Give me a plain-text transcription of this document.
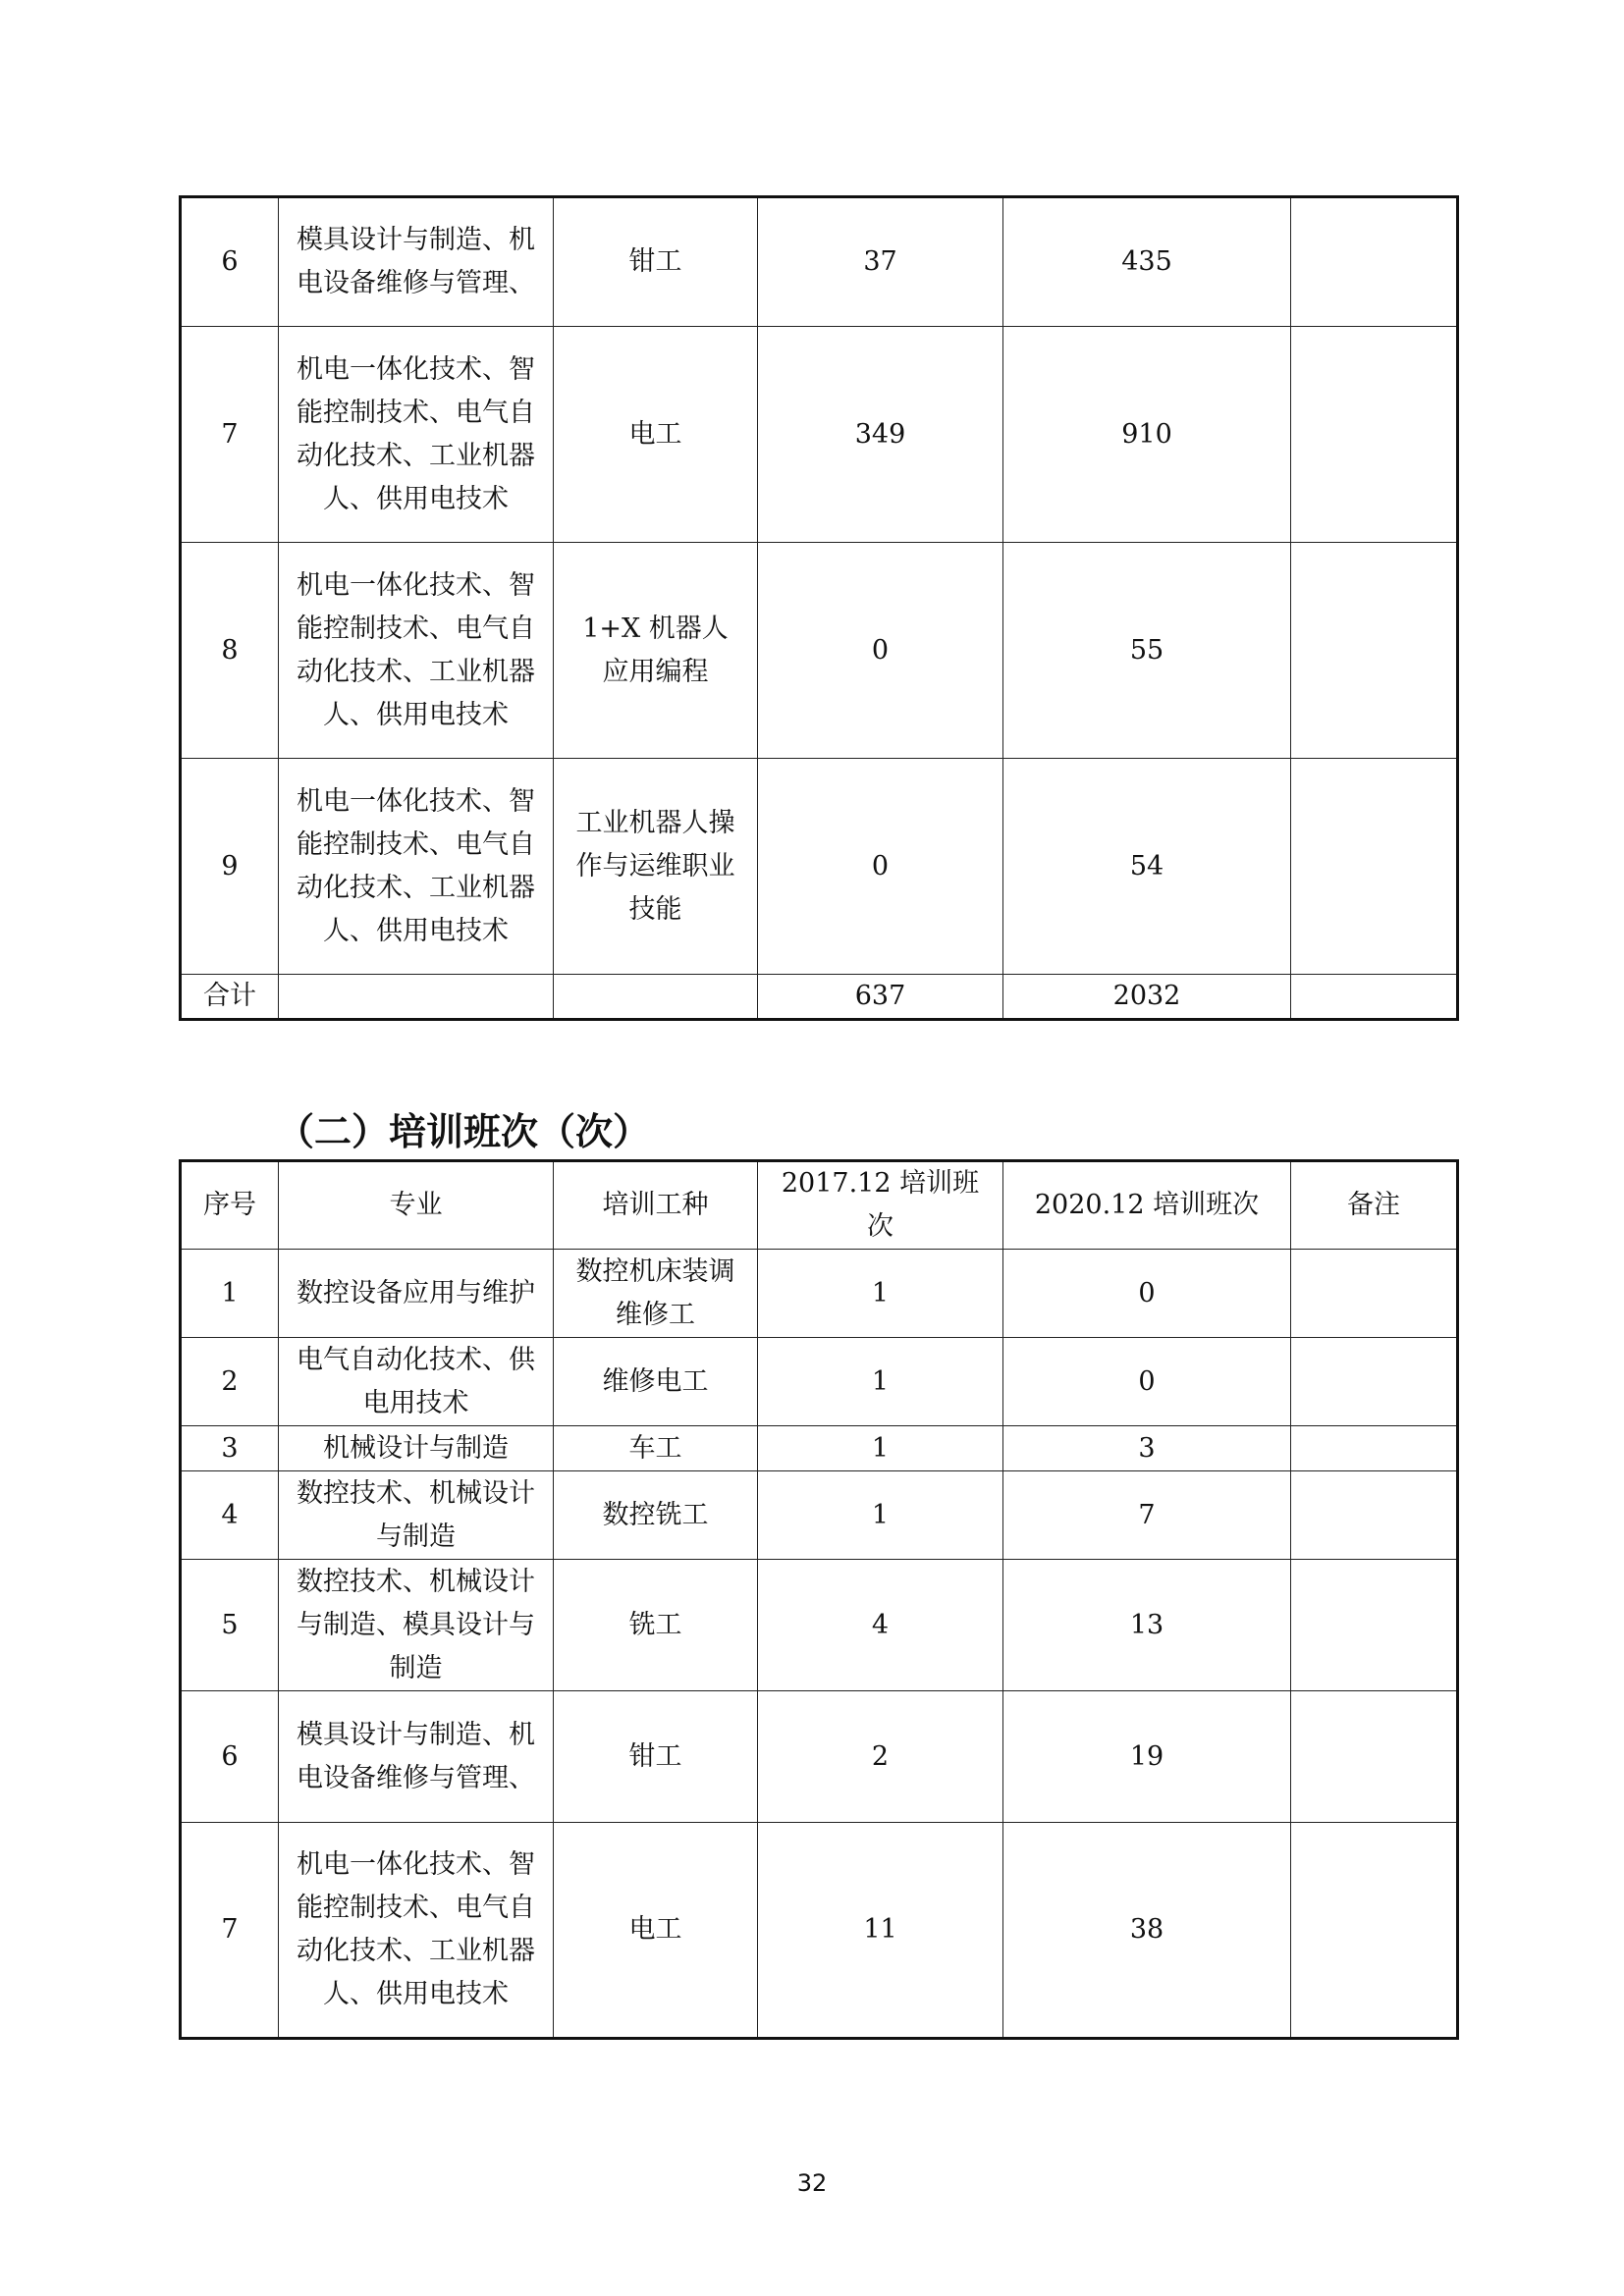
6	模具设计与制造、机电设备维修与管理、	钳工	37	435	
7	机电一体化技术、智能控制技术、电气自动化技术、工业机器人、供用电技术	电工	349	910	
8	机电一体化技术、智能控制技术、电气自动化技术、工业机器人、供用电技术	1+X 机器人应用编程	0	55	
9	机电一体化技术、智能控制技术、电气自动化技术、工业机器人、供用电技术	工业机器人操作与运维职业技能	0	54	
合计			637	2032	
（二）培训班次（次）
序号	专业	培训工种	2017.12 培训班次	2020.12 培训班次	备注
1	数控设备应用与维护	数控机床装调维修工	1	0	
2	电气自动化技术、供电用技术	维修电工	1	0	
3	机械设计与制造	车工	1	3	
4	数控技术、机械设计与制造	数控铣工	1	7	
5	数控技术、机械设计与制造、模具设计与制造	铣工	4	13	
6	模具设计与制造、机电设备维修与管理、	钳工	2	19	
7	机电一体化技术、智能控制技术、电气自动化技术、工业机器人、供用电技术	电工	11	38	
32
